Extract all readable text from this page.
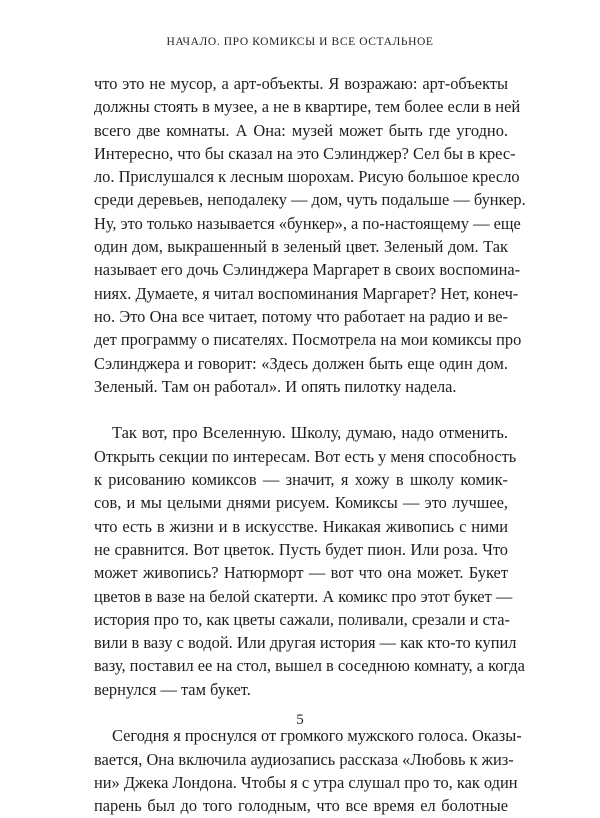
НАЧАЛО. ПРО КОМИКСЫ И ВСЕ ОСТАЛЬНОЕ
что это не мусор, а арт-объекты. Я возражаю: арт-объекты
должны стоять в музее, а не в квартире, тем более если в ней
всего две комнаты. А Она: музей может быть где угодно.
Интересно, что бы сказал на это Сэлинджер? Сел бы в крес-
ло. Прислушался к лесным шорохам. Рисую большое кресло
среди деревьев, неподалеку — дом, чуть подальше — бункер.
Ну, это только называется «бункер», а по-настоящему — еще
один дом, выкрашенный в зеленый цвет. Зеленый дом. Так
называет его дочь Сэлинджера Маргарет в своих воспомина-
ниях. Думаете, я читал воспоминания Маргарет? Нет, конеч-
но. Это Она все читает, потому что работает на радио и ве-
дет программу о писателях. Посмотрела на мои комиксы про
Сэлинджера и говорит: «Здесь должен быть еще один дом.
Зеленый. Там он работал». И опять пилотку надела.
Так вот, про Вселенную. Школу, думаю, надо отменить.
Открыть секции по интересам. Вот есть у меня способность
к рисованию комиксов — значит, я хожу в школу комик-
сов, и мы целыми днями рисуем. Комиксы — это лучшее,
что есть в жизни и в искусстве. Никакая живопись с ними
не сравнится. Вот цветок. Пусть будет пион. Или роза. Что
может живопись? Натюрморт — вот что она может. Букет
цветов в вазе на белой скатерти. А комикс про этот букет —
история про то, как цветы сажали, поливали, срезали и ста-
вили в вазу с водой. Или другая история — как кто-то купил
вазу, поставил ее на стол, вышел в соседнюю комнату, а когда
вернулся — там букет.
Сегодня я проснулся от громкого мужского голоса. Оказы-
вается, Она включила аудиозапись рассказа «Любовь к жиз-
ни» Джека Лондона. Чтобы я с утра слушал про то, как один
парень был до того голодным, что все время ел болотные
5
